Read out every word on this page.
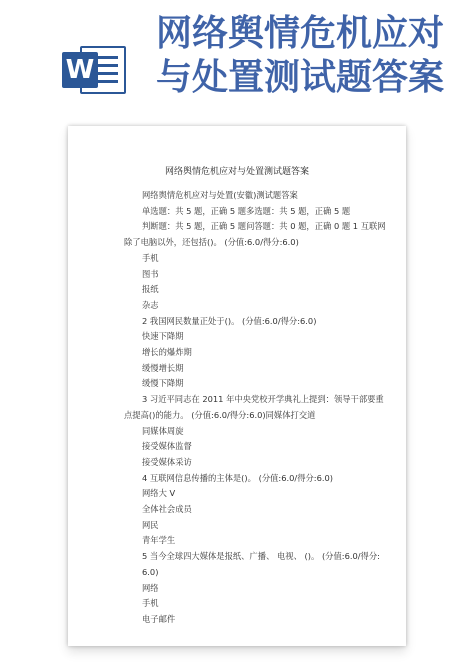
W
网络舆情危机应对
与处置测试题答案
网络舆情危机应对与处置测试题答案
网络舆情危机应对与处置(安徽)测试题答案
单选题：共 5 题，正确 5 题多选题：共 5 题，正确 5 题
判断题：共 5 题，正确 5 题问答题：共 0 题，正确 0 题 1 互联网
除了电脑以外，还包括()。 (分值:6.0/得分:6.0)
手机
图书
报纸
杂志
2 我国网民数量正处于()。 (分值:6.0/得分:6.0)
快速下降期
增长的爆炸期
缓慢增长期
缓慢下降期
3 习近平同志在 2011 年中央党校开学典礼上提到：领导干部要重
点提高()的能力。 (分值:6.0/得分:6.0)同媒体打交道
同媒体周旋
接受媒体监督
接受媒体采访
4 互联网信息传播的主体是()。 (分值:6.0/得分:6.0)
网络大 V
全体社会成员
网民
青年学生
5 当今全球四大媒体是报纸、广播、 电视、 ()。 (分值:6.0/得分:
6.0)
网络
手机
电子邮件
